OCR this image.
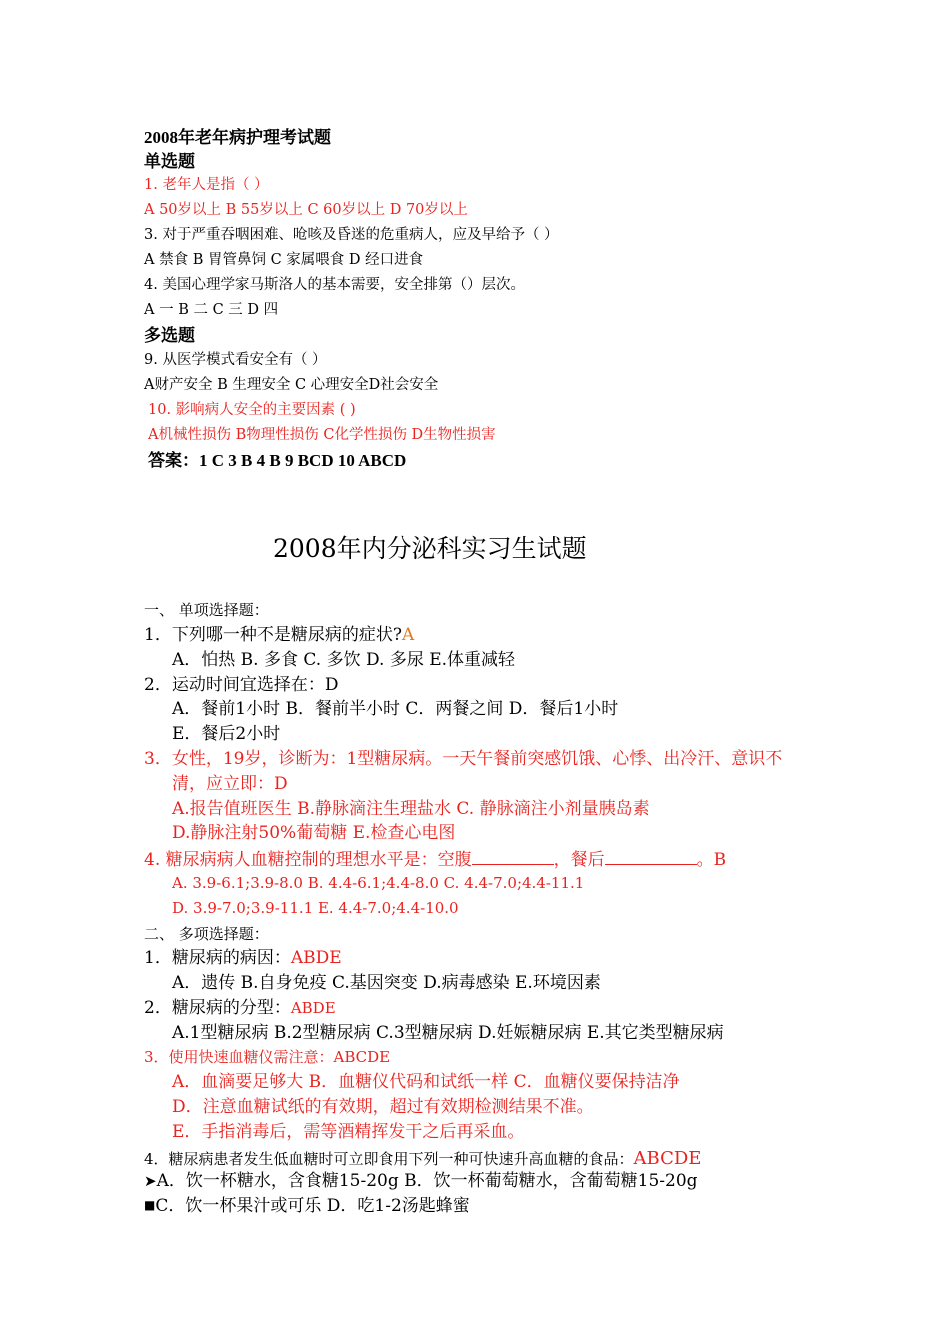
2008年老年病护理考试题
单选题
1. 老年人是指（ ）
A 50岁以上 B 55岁以上 C 60岁以上 D 70岁以上
3. 对于严重吞咽困难、呛咳及昏迷的危重病人，应及早给予（ ）
A 禁食 B 胃管鼻饲 C 家属喂食 D 经口进食
4. 美国心理学家马斯洛人的基本需要，安全排第（）层次。
A 一 B 二 C 三 D 四
多选题
9. 从医学模式看安全有（ ）
A财产安全 B 生理安全 C 心理安全D社会安全
10. 影响病人安全的主要因素 ( )
A机械性损伤 B物理性损伤 C化学性损伤 D生物性损害
答案：1 C 3 B 4 B 9 BCD 10 ABCD
2008年内分泌科实习生试题
一、 单项选择题：
1．下列哪一种不是糖尿病的症状?A
A．怕热 B. 多食 C. 多饮 D. 多尿 E.体重减轻
2．运动时间宜选择在：D
A．餐前1小时 B．餐前半小时 C．两餐之间 D．餐后1小时
E．餐后2小时
3．女性，19岁，诊断为：1型糖尿病。一天午餐前突感饥饿、心悸、出冷汗、意识不
清，应立即：D
A.报告值班医生 B.静脉滴注生理盐水 C. 静脉滴注小剂量胰岛素
D.静脉注射50%葡萄糖 E.检查心电图
4. 糖尿病病人血糖控制的理想水平是：空腹	，餐后	。B
A. 3.9-6.1;3.9-8.0 B. 4.4-6.1;4.4-8.0 C. 4.4-7.0;4.4-11.1
D. 3.9-7.0;3.9-11.1 E. 4.4-7.0;4.4-10.0
二、 多项选择题：
1．糖尿病的病因：ABDE
A．遗传 B.自身免疫 C.基因突变 D.病毒感染 E.环境因素
2．糖尿病的分型：ABDE
A.1型糖尿病 B.2型糖尿病 C.3型糖尿病 D.妊娠糖尿病 E.其它类型糖尿病
3．使用快速血糖仪需注意：ABCDE
A．血滴要足够大 B．血糖仪代码和试纸一样 C．血糖仪要保持洁净
D．注意血糖试纸的有效期，超过有效期检测结果不准。
E．手指消毒后，需等酒精挥发干之后再采血。
4．糖尿病患者发生低血糖时可立即食用下列一种可快速升高血糖的食品：ABCDE
➤A．饮一杯糖水，含食糖15-20g B．饮一杯葡萄糖水，含葡萄糖15-20g
■C．饮一杯果汁或可乐 D．吃1-2汤匙蜂蜜
